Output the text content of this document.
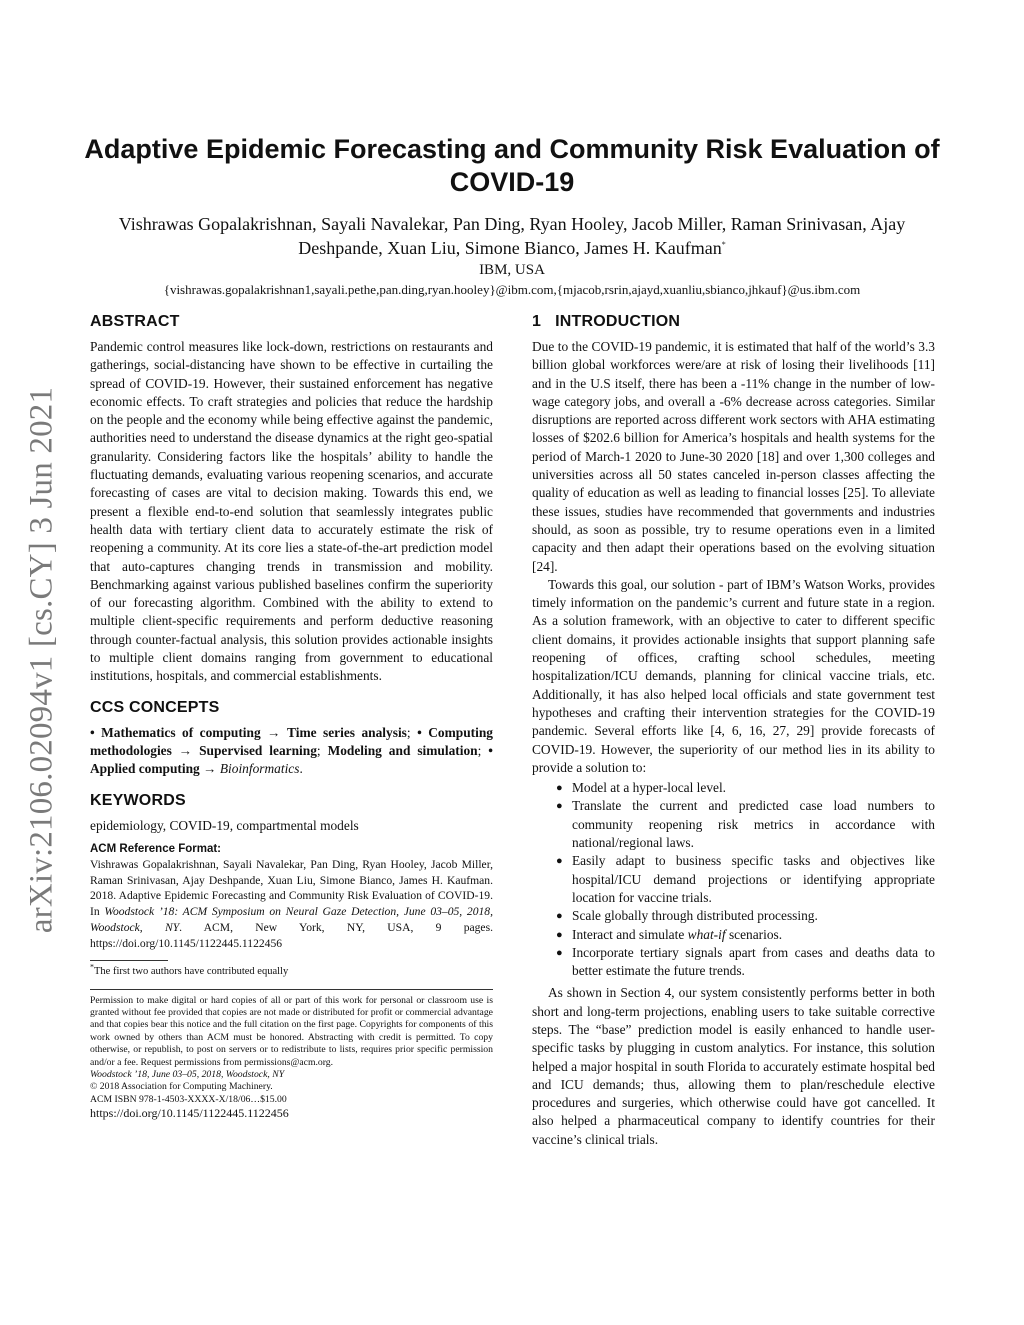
arXiv:2106.02094v1 [cs.CY] 3 Jun 2021
Adaptive Epidemic Forecasting and Community Risk Evaluation of COVID-19
Vishrawas Gopalakrishnan, Sayali Navalekar, Pan Ding, Ryan Hooley, Jacob Miller, Raman Srinivasan, Ajay Deshpande, Xuan Liu, Simone Bianco, James H. Kaufman*
IBM, USA
{vishrawas.gopalakrishnan1,sayali.pethe,pan.ding,ryan.hooley}@ibm.com,{mjacob,rsrin,ajayd,xuanliu,sbianco,jhkauf}@us.ibm.com
ABSTRACT

Pandemic control measures like lock-down, restrictions on restaurants and gatherings, social-distancing have shown to be effective in curtailing the spread of COVID-19. However, their sustained enforcement has negative economic effects. To craft strategies and policies that reduce the hardship on the people and the economy while being effective against the pandemic, authorities need to understand the disease dynamics at the right geo-spatial granularity. Considering factors like the hospitals’ ability to handle the fluctuating demands, evaluating various reopening scenarios, and accurate forecasting of cases are vital to decision making. Towards this end, we present a flexible end-to-end solution that seamlessly integrates public health data with tertiary client data to accurately estimate the risk of reopening a community. At its core lies a state-of-the-art prediction model that auto-captures changing trends in transmission and mobility. Benchmarking against various published baselines confirm the superiority of our forecasting algorithm. Combined with the ability to extend to multiple client-specific requirements and perform deductive reasoning through counter-factual analysis, this solution provides actionable insights to multiple client domains ranging from government to educational institutions, hospitals, and commercial establishments.

CCS CONCEPTS

• Mathematics of computing → Time series analysis; • Computing methodologies → Supervised learning; Modeling and simulation; • Applied computing → Bioinformatics.

KEYWORDS

epidemiology, COVID-19, compartmental models

ACM Reference Format:

Vishrawas Gopalakrishnan, Sayali Navalekar, Pan Ding, Ryan Hooley, Jacob Miller, Raman Srinivasan, Ajay Deshpande, Xuan Liu, Simone Bianco, James H. Kaufman. 2018. Adaptive Epidemic Forecasting and Community Risk Evaluation of COVID-19. In Woodstock ’18: ACM Symposium on Neural Gaze Detection, June 03–05, 2018, Woodstock, NY. ACM, New York, NY, USA, 9 pages. https://doi.org/10.1145/1122445.1122456

*The first two authors have contributed equally

Permission to make digital or hard copies of all or part of this work for personal or classroom use is granted without fee provided that copies are not made or distributed for profit or commercial advantage and that copies bear this notice and the full citation on the first page. Copyrights for components of this work owned by others than ACM must be honored. Abstracting with credit is permitted. To copy otherwise, or republish, to post on servers or to redistribute to lists, requires prior specific permission and/or a fee. Request permissions from permissions@acm.org.

Woodstock ’18, June 03–05, 2018, Woodstock, NY

© 2018 Association for Computing Machinery.

ACM ISBN 978-1-4503-XXXX-X/18/06…$15.00

https://doi.org/10.1145/1122445.1122456

1 INTRODUCTION

Due to the COVID-19 pandemic, it is estimated that half of the world’s 3.3 billion global workforces were/are at risk of losing their livelihoods [11] and in the U.S itself, there has been a -11% change in the number of low-wage category jobs, and overall a -6% decrease across categories. Similar disruptions are reported across different work sectors with AHA estimating losses of $202.6 billion for America’s hospitals and health systems for the period of March-1 2020 to June-30 2020 [18] and over 1,300 colleges and universities across all 50 states canceled in-person classes affecting the quality of education as well as leading to financial losses [25]. To alleviate these issues, studies have recommended that governments and industries should, as soon as possible, try to resume operations even in a limited capacity and then adapt their operations based on the evolving situation [24].

Towards this goal, our solution - part of IBM’s Watson Works, provides timely information on the pandemic’s current and future state in a region. As a solution framework, with an objective to cater to different specific client domains, it provides actionable insights that support planning safe reopening of offices, crafting school schedules, meeting hospitalization/ICU demands, planning for clinical vaccine trials, etc. Additionally, it has also helped local officials and state government test hypotheses and crafting their intervention strategies for the COVID-19 pandemic. Several efforts like [4, 6, 16, 27, 29] provide forecasts of COVID-19. However, the superiority of our method lies in its ability to provide a solution to:

● Model at a hyper-local level.
● Translate the current and predicted case load numbers to community reopening risk metrics in accordance with national/regional laws.
● Easily adapt to business specific tasks and objectives like hospital/ICU demand projections or identifying appropriate location for vaccine trials.
● Scale globally through distributed processing.
● Interact and simulate what-if scenarios.
● Incorporate tertiary signals apart from cases and deaths data to better estimate the future trends.

As shown in Section 4, our system consistently performs better in both short and long-term projections, enabling users to take suitable corrective steps. The “base” prediction model is easily enhanced to handle user-specific tasks by plugging in custom analytics. For instance, this solution helped a major hospital in south Florida to accurately estimate hospital bed and ICU demands; thus, allowing them to plan/reschedule elective procedures and surgeries, which otherwise could have got cancelled. It also helped a pharmaceutical company to identify countries for their vaccine’s clinical trials.
